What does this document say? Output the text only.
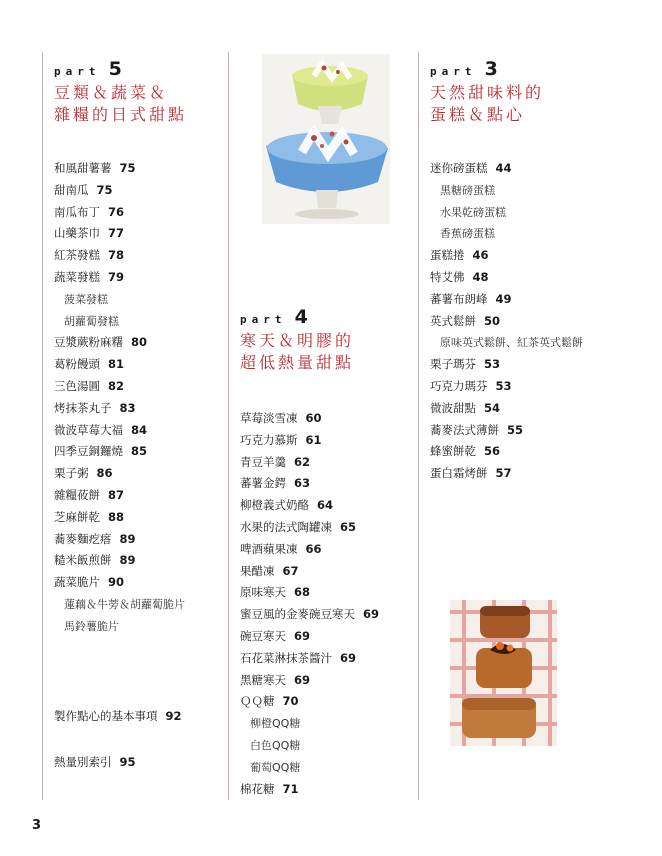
part 5
豆類＆蔬菜＆
雜糧的日式甜點
和風甜薯薯 75
甜南瓜 75
南瓜布丁 76
山藥茶巾 77
紅茶發糕 78
蔬菜發糕 79
菠菜發糕
胡蘿蔔發糕
豆漿蕨粉麻糬 80
葛粉饅頭 81
三色湯圓 82
烤抹茶丸子 83
微波草莓大福 84
四季豆銅鑼燒 85
栗子粥 86
雜糧莜餅 87
芝麻餅乾 88
蕎麥麵疙瘩 89
糙米飯煎餅 89
蔬菜脆片 90
蓮藕＆牛蒡＆胡蘿蔔脆片
馬鈴薯脆片
製作點心的基本事項 92
熱量別索引 95
part 4
寒天＆明膠的
超低熱量甜點
草莓淡雪凍 60
巧克力慕斯 61
青豆羊羹 62
蕃薯金鍔 63
柳橙義式奶酪 64
水果的法式陶罐凍 65
啤酒蘋果凍 66
果醋凍 67
原味寒天 68
蜜豆風的金麥碗豆寒天 69
碗豆寒天 69
石花菜淋抹茶醬汁 69
黑糖寒天 69
ＱＱ糖 70
柳橙QQ糖
白色QQ糖
葡萄QQ糖
棉花糖 71
part 3
天然甜味料的
蛋糕＆點心
迷你磅蛋糕 44
黑糖磅蛋糕
水果乾磅蛋糕
香蕉磅蛋糕
蛋糕捲 46
特艾佛 48
蕃薯布朗峰 49
英式鬆餅 50
原味英式鬆餅、紅茶英式鬆餅
栗子瑪芬 53
巧克力瑪芬 53
微波甜點 54
蕎麥法式薄餅 55
蜂蜜餅乾 56
蛋白霜烤餅 57
3
